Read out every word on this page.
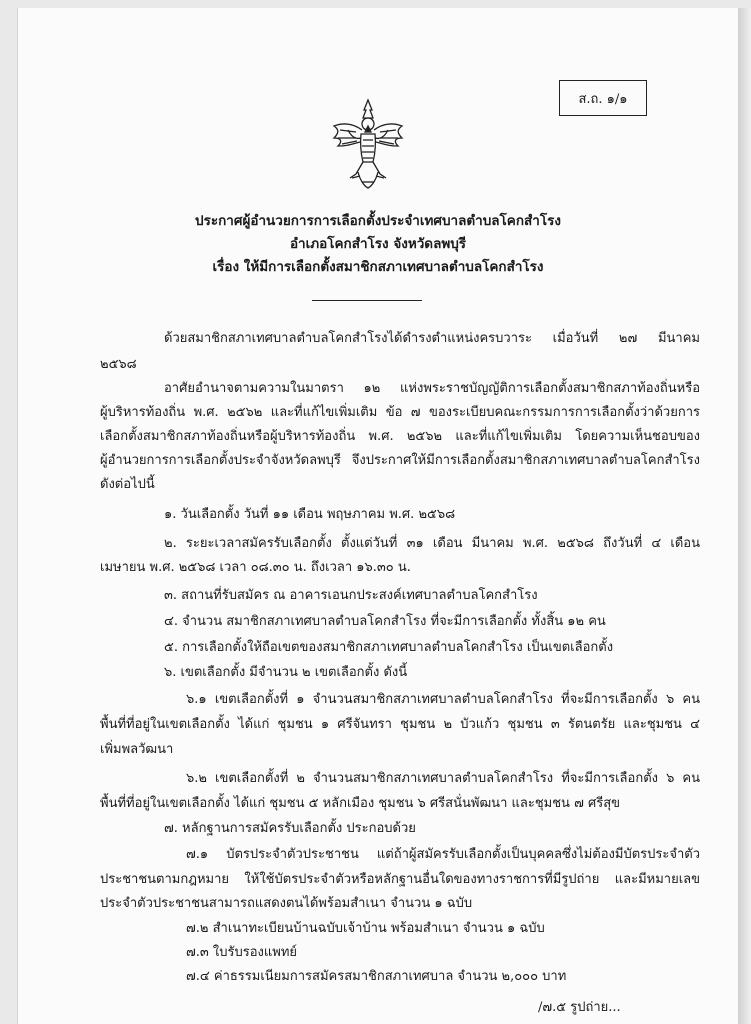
ส.ถ. ๑/๑
ประกาศผู้อำนวยการการเลือกตั้งประจำเทศบาลตำบลโคกสำโรง
อำเภอโคกสำโรง จังหวัดลพบุรี
เรื่อง ให้มีการเลือกตั้งสมาชิกสภาเทศบาลตำบลโคกสำโรง
ด้วยสมาชิกสภาเทศบาลตำบลโคกสำโรงได้ดำรงตำแหน่งครบวาระ เมื่อวันที่ ๒๗ มีนาคม
๒๕๖๘
อาศัยอำนาจตามความในมาตรา ๑๒ แห่งพระราชบัญญัติการเลือกตั้งสมาชิกสภาท้องถิ่นหรือ
ผู้บริหารท้องถิ่น พ.ศ. ๒๕๖๒ และที่แก้ไขเพิ่มเติม ข้อ ๗ ของระเบียบคณะกรรมการการเลือกตั้งว่าด้วยการ
เลือกตั้งสมาชิกสภาท้องถิ่นหรือผู้บริหารท้องถิ่น พ.ศ. ๒๕๖๒ และที่แก้ไขเพิ่มเติม โดยความเห็นชอบของ
ผู้อำนวยการการเลือกตั้งประจำจังหวัดลพบุรี จึงประกาศให้มีการเลือกตั้งสมาชิกสภาเทศบาลตำบลโคกสำโรง
ดังต่อไปนี้
๑. วันเลือกตั้ง วันที่ ๑๑ เดือน พฤษภาคม พ.ศ. ๒๕๖๘
๒. ระยะเวลาสมัครรับเลือกตั้ง ตั้งแต่วันที่ ๓๑ เดือน มีนาคม พ.ศ. ๒๕๖๘ ถึงวันที่ ๔ เดือน
เมษายน พ.ศ. ๒๕๖๘ เวลา ๐๘.๓๐ น. ถึงเวลา ๑๖.๓๐ น.
๓. สถานที่รับสมัคร ณ อาคารเอนกประสงค์เทศบาลตำบลโคกสำโรง
๔. จำนวน สมาชิกสภาเทศบาลตำบลโคกสำโรง ที่จะมีการเลือกตั้ง ทั้งสิ้น ๑๒ คน
๕. การเลือกตั้งให้ถือเขตของสมาชิกสภาเทศบาลตำบลโคกสำโรง เป็นเขตเลือกตั้ง
๖. เขตเลือกตั้ง มีจำนวน ๒ เขตเลือกตั้ง ดังนี้
๖.๑ เขตเลือกตั้งที่ ๑ จำนวนสมาชิกสภาเทศบาลตำบลโคกสำโรง ที่จะมีการเลือกตั้ง ๖ คน
พื้นที่ที่อยู่ในเขตเลือกตั้ง ได้แก่ ชุมชน ๑ ศรีจันทรา ชุมชน ๒ บัวแก้ว ชุมชน ๓ รัตนตรัย และชุมชน ๔
เพิ่มพลวัฒนา
๖.๒ เขตเลือกตั้งที่ ๒ จำนวนสมาชิกสภาเทศบาลตำบลโคกสำโรง ที่จะมีการเลือกตั้ง ๖ คน
พื้นที่ที่อยู่ในเขตเลือกตั้ง ได้แก่ ชุมชน ๕ หลักเมือง ชุมชน ๖ ศรีสนั่นพัฒนา และชุมชน ๗ ศรีสุข
๗. หลักฐานการสมัครรับเลือกตั้ง ประกอบด้วย
๗.๑ บัตรประจำตัวประชาชน แต่ถ้าผู้สมัครรับเลือกตั้งเป็นบุคคลซึ่งไม่ต้องมีบัตรประจำตัว
ประชาชนตามกฎหมาย ให้ใช้บัตรประจำตัวหรือหลักฐานอื่นใดของทางราชการที่มีรูปถ่าย และมีหมายเลข
ประจำตัวประชาชนสามารถแสดงตนได้พร้อมสำเนา จำนวน ๑ ฉบับ
๗.๒ สำเนาทะเบียนบ้านฉบับเจ้าบ้าน พร้อมสำเนา จำนวน ๑ ฉบับ
๗.๓ ใบรับรองแพทย์
๗.๔ ค่าธรรมเนียมการสมัครสมาชิกสภาเทศบาล จำนวน ๒,๐๐๐ บาท
/๗.๕ รูปถ่าย...
